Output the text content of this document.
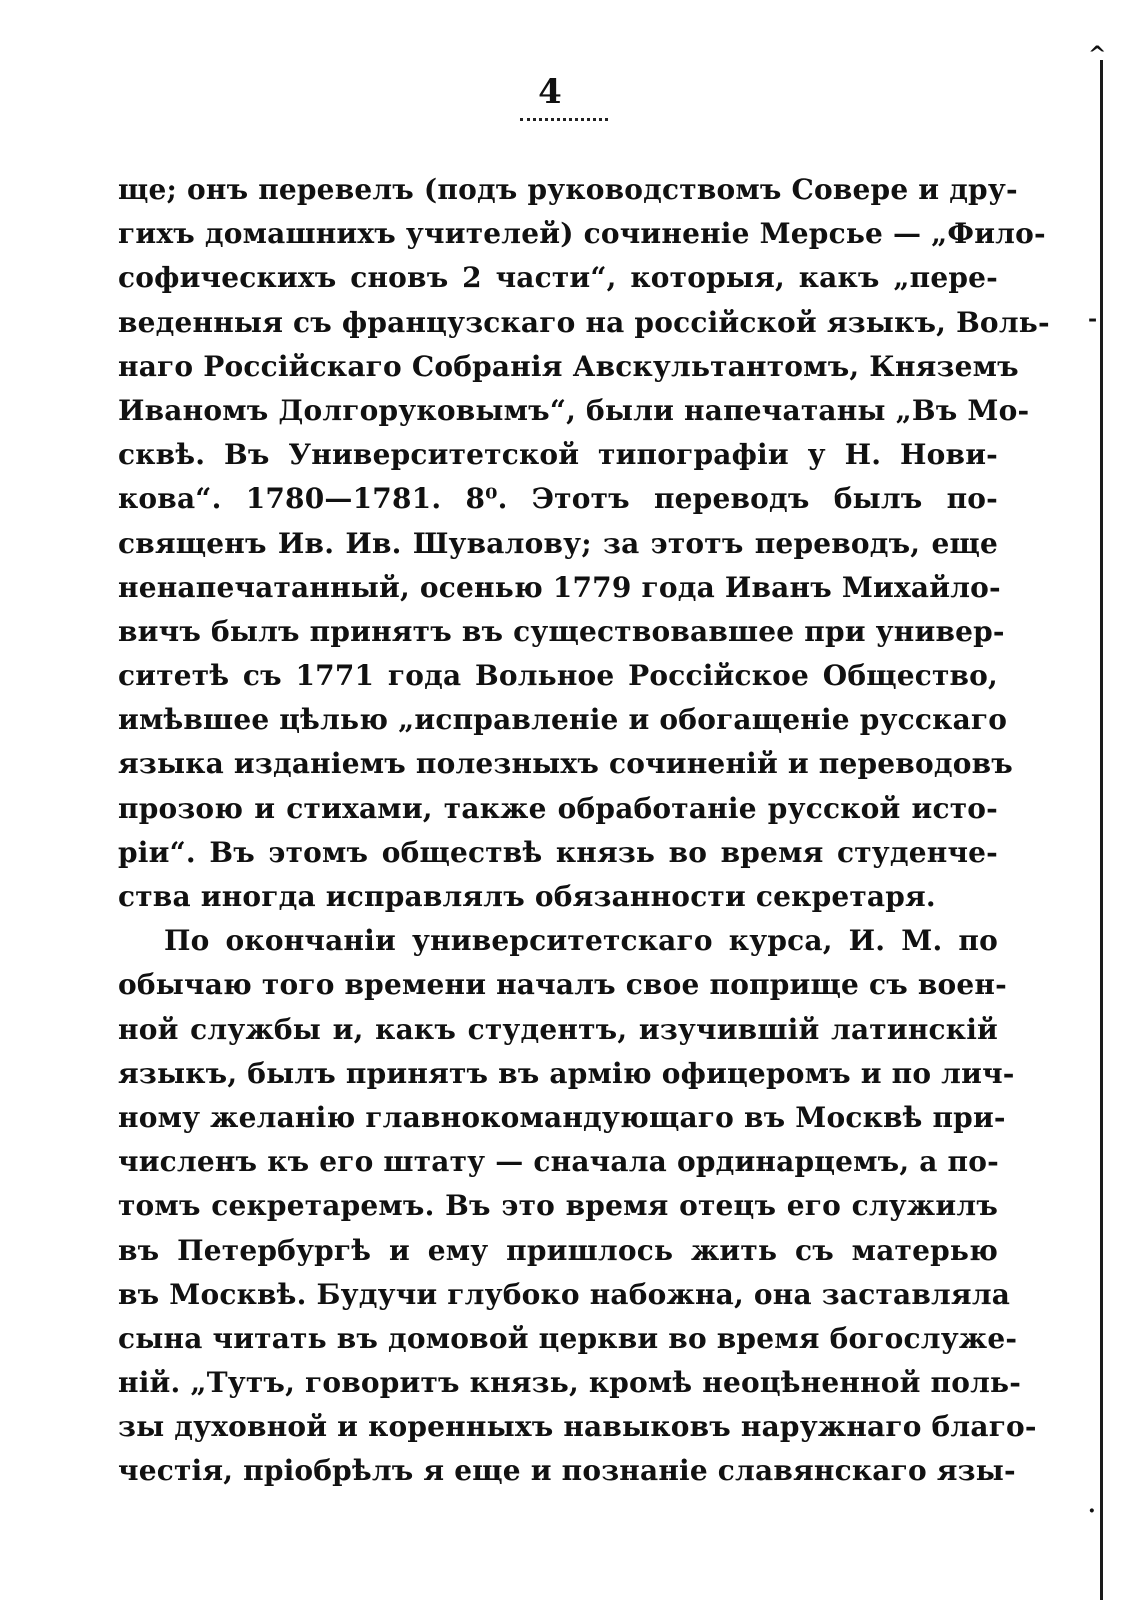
4
ще; онъ перевелъ (подъ руководствомъ Совере и дру-
гихъ домашнихъ учителей) сочиненіе Мерсье — „Фило-
софическихъ сновъ 2 части“, которыя, какъ „пере-
веденныя съ французскаго на россійской языкъ, Воль-
наго Россійскаго Собранія Авскультантомъ, Княземъ
Иваномъ Долгоруковымъ“, были напечатаны „Въ Мо-
сквѣ. Въ Университетской типографіи у Н. Нови-
кова“. 1780—1781. 8⁰. Этотъ переводъ былъ по-
священъ Ив. Ив. Шувалову; за этотъ переводъ, еще
ненапечатанный, осенью 1779 года Иванъ Михайло-
вичъ былъ принятъ въ существовавшее при универ-
ситетѣ съ 1771 года Вольное Россійское Общество,
имѣвшее цѣлью „исправленіе и обогащеніе русскаго
языка изданіемъ полезныхъ сочиненій и переводовъ
прозою и стихами, также обработаніе русской исто-
ріи“. Въ этомъ обществѣ князь во время студенче-
ства иногда исправлялъ обязанности секретаря.
По окончаніи университетскаго курса, И. М. по
обычаю того времени началъ свое поприще съ воен-
ной службы и, какъ студентъ, изучившій латинскій
языкъ, былъ принятъ въ армію офицеромъ и по лич-
ному желанію главнокомандующаго въ Москвѣ при-
численъ къ его штату — сначала ординарцемъ, а по-
томъ секретаремъ. Въ это время отецъ его служилъ
въ Петербургѣ и ему пришлось жить съ матерью
въ Москвѣ. Будучи глубоко набожна, она заставляла
сына читать въ домовой церкви во время богослуже-
ній. „Тутъ, говоритъ князь, кромѣ неоцѣненной поль-
зы духовной и коренныхъ навыковъ наружнаго благо-
честія, пріобрѣлъ я еще и познаніе славянскаго язы-
^
‐
·
